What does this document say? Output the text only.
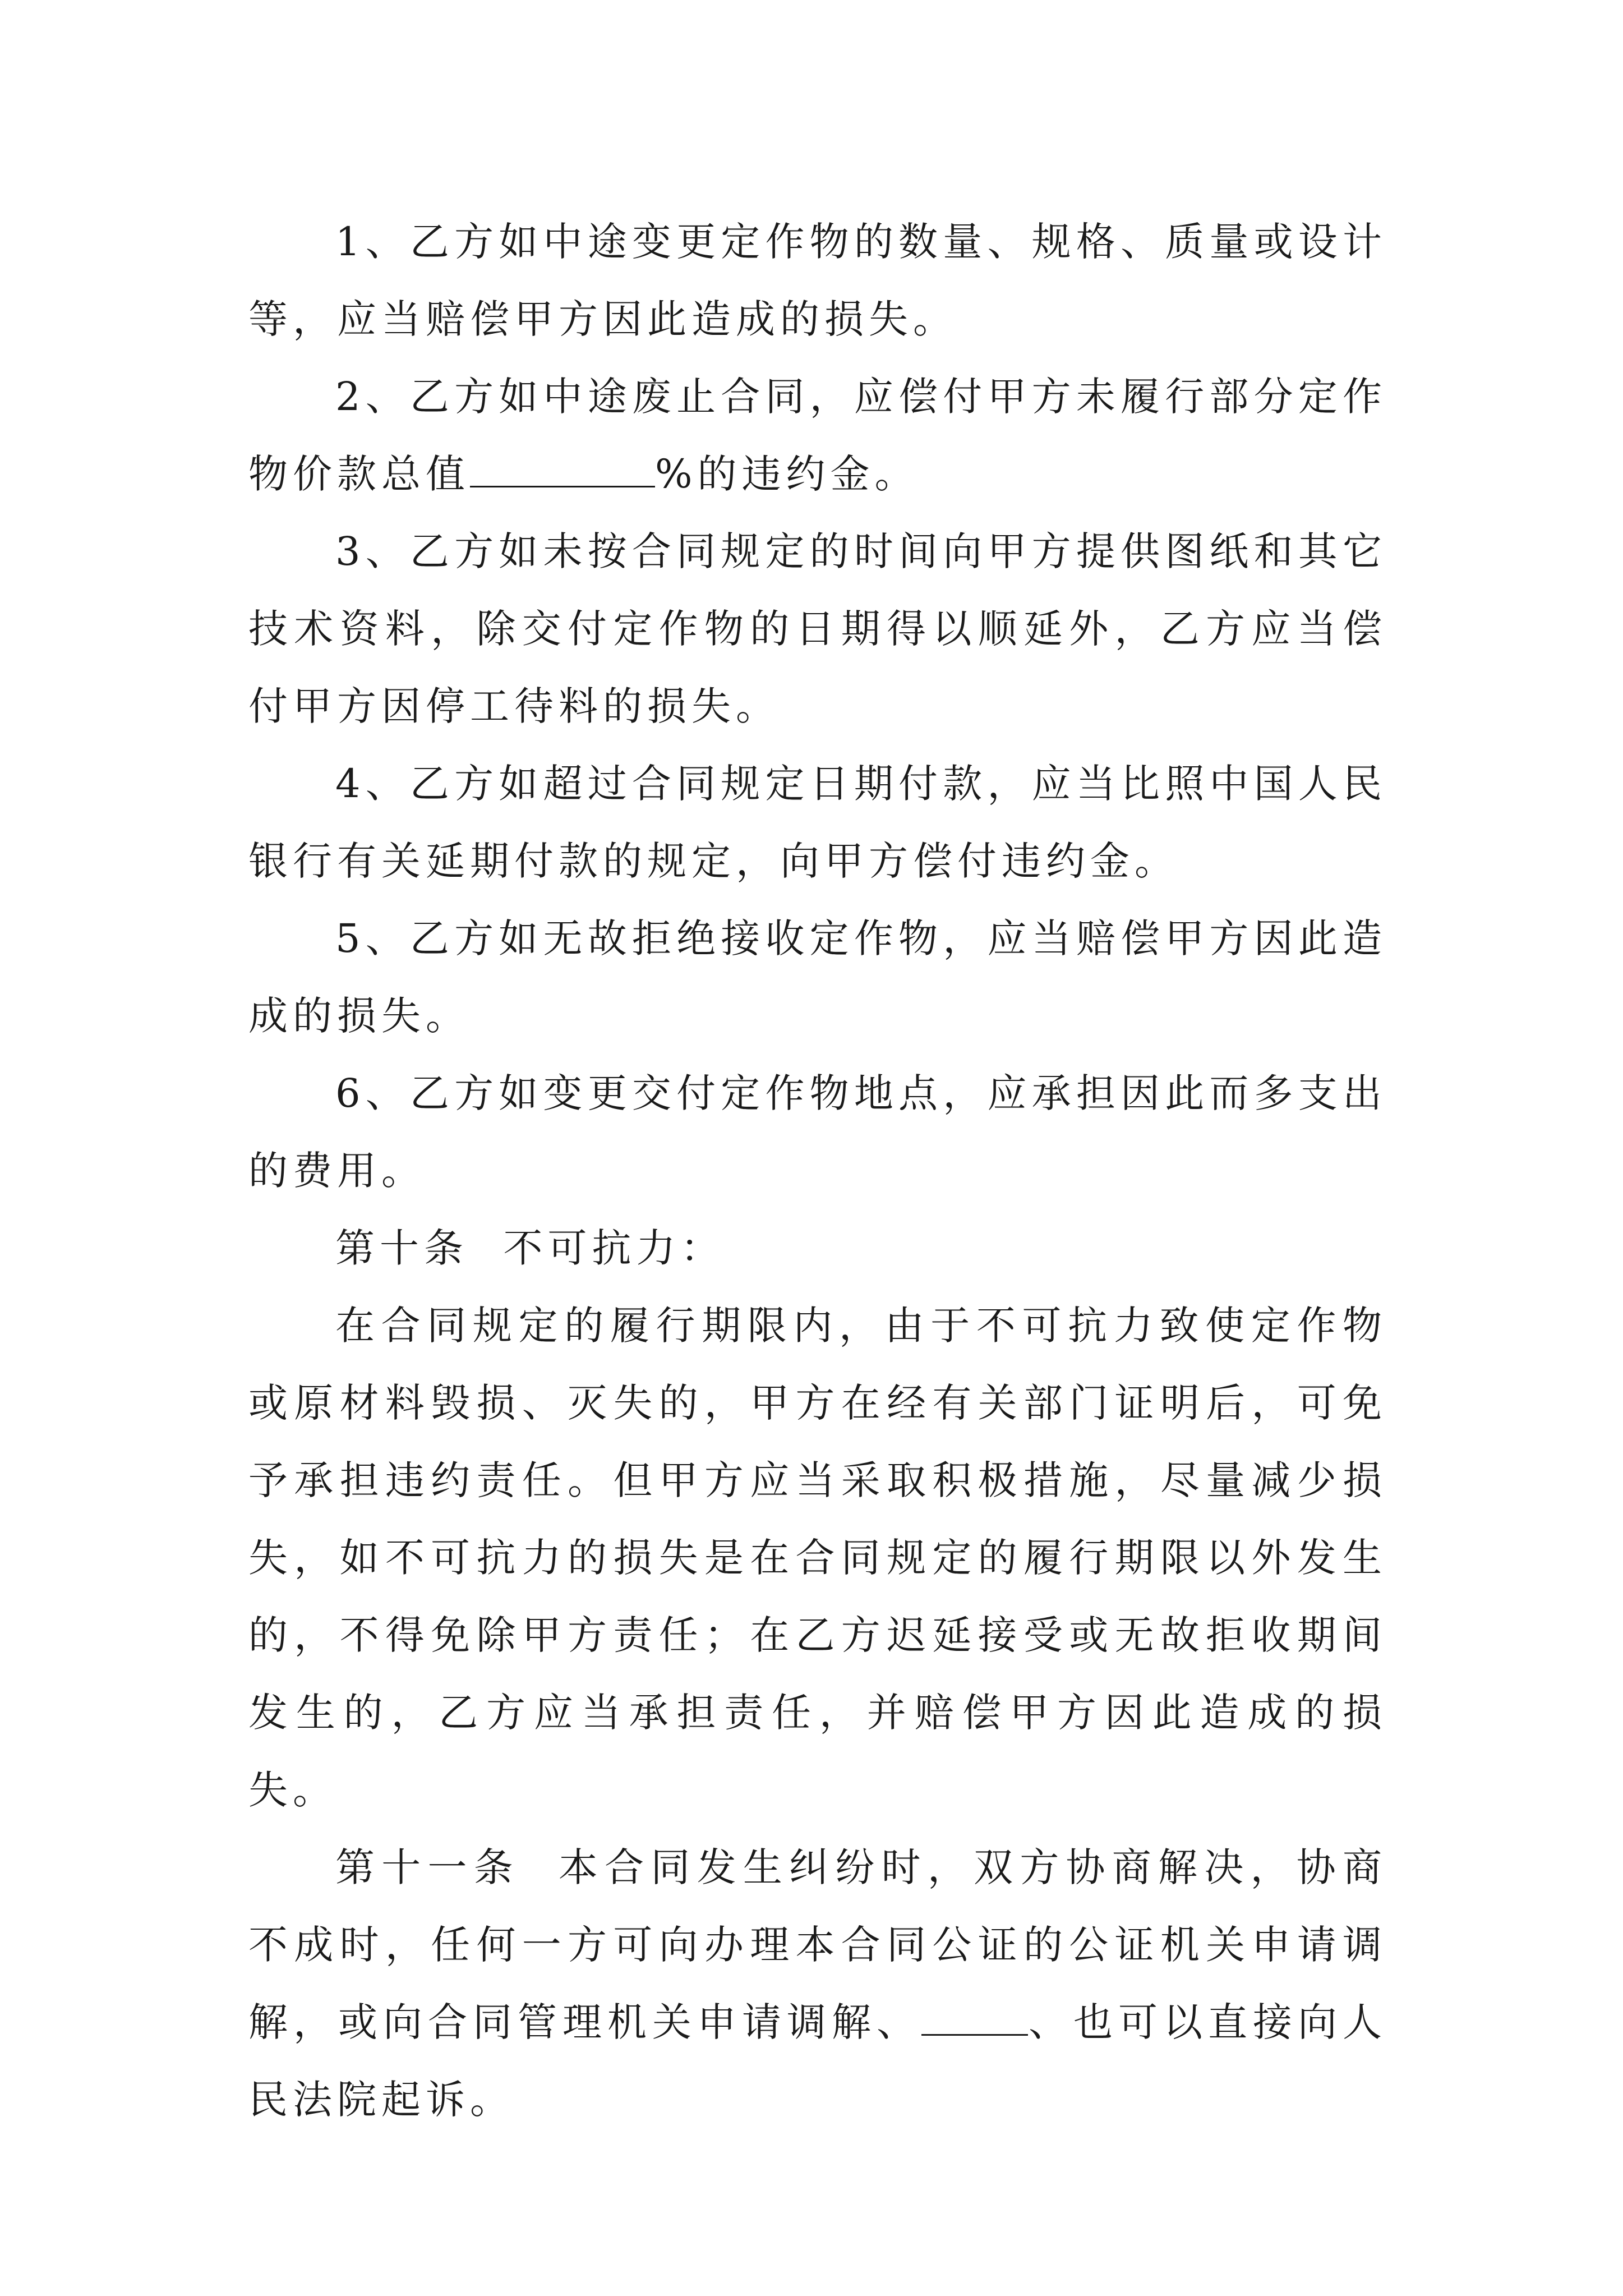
1、乙方如中途变更定作物的数量、规格、质量或设计等，应当赔偿甲方因此造成的损失。

2、乙方如中途废止合同，应偿付甲方未履行部分定作物价款总值	%的违约金。

3、乙方如未按合同规定的时间向甲方提供图纸和其它技术资料，除交付定作物的日期得以顺延外，乙方应当偿付甲方因停工待料的损失。

4、乙方如超过合同规定日期付款，应当比照中国人民银行有关延期付款的规定，向甲方偿付违约金。

5、乙方如无故拒绝接收定作物，应当赔偿甲方因此造成的损失。

6、乙方如变更交付定作物地点，应承担因此而多支出的费用。

第十条  不可抗力：

在合同规定的履行期限内，由于不可抗力致使定作物或原材料毁损、灭失的，甲方在经有关部门证明后，可免予承担违约责任。但甲方应当采取积极措施，尽量减少损失，如不可抗力的损失是在合同规定的履行期限以外发生的，不得免除甲方责任；在乙方迟延接受或无故拒收期间发生的，乙方应当承担责任，并赔偿甲方因此造成的损失。

第十一条  本合同发生纠纷时，双方协商解决，协商不成时，任何一方可向办理本合同公证的公证机关申请调解，或向合同管理机关申请调解、	、也可以直接向人民法院起诉。
